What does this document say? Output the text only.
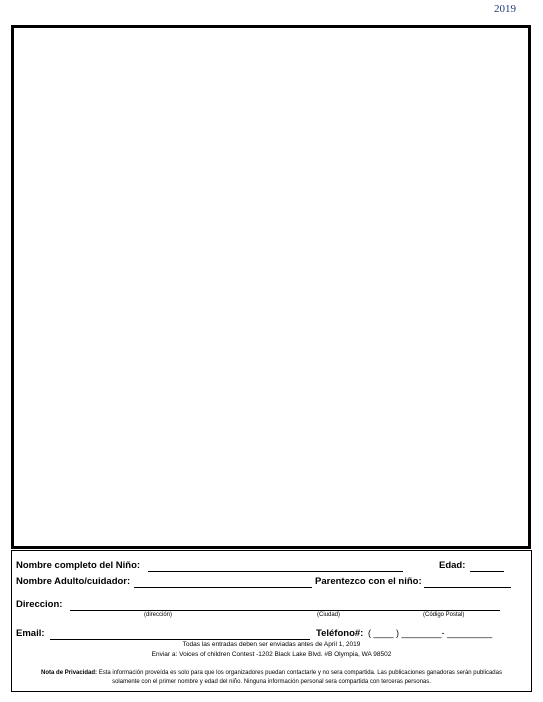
2019
Nombre completo del Niño:	Edad:
Nombre Adulto/cuidador:	Parentezco con el niño:
Direccion:
(dirección)	(Ciudad)	(Código Postal)
Email:	Teléfono#: ( ____ ) ________- _________
Todas las entradas deben ser enviadas antes de April 1, 2019
Enviar a: Voices of children Contest -1202 Black Lake Blvd. #B Olympia, WA 98502
Nota de Privacidad: Esta información proveída es solo para que los organizadores puedan contactarle y no sera compartida. Las publicaciones ganadoras serán publicadas solamente con el primer nombre y edad del niño. Ninguna información personal sera compartida con terceras personas.
